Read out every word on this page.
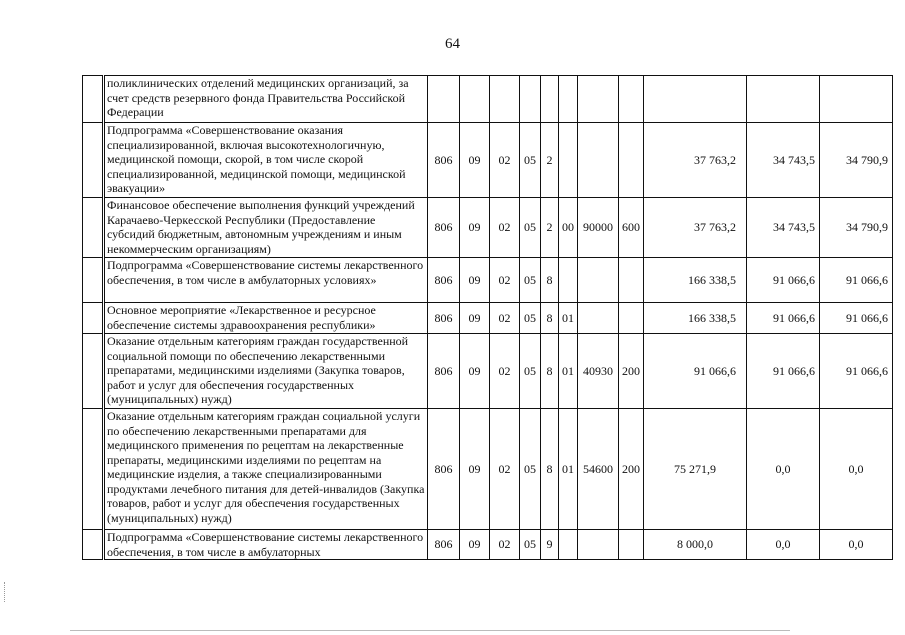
64
	поликлинических отделений медицинских организаций, за счет средств резервного фонда Правительства Российской Федерации											
	Подпрограмма «Совершенствование оказания специализированной, включая высокотехнологичную, медицинской помощи, скорой, в том числе скорой специализированной, медицинской помощи, медицинской эвакуации»	806	09	02	05	2				37 763,2	34 743,5	34 790,9
	Финансовое обеспечение выполнения функций учреждений Карачаево-Черкесской Республики (Предоставление субсидий бюджетным, автономным учреждениям и иным некоммерческим организациям)	806	09	02	05	2	00	90000	600	37 763,2	34 743,5	34 790,9
	Подпрограмма «Совершенствование системы лекарственного обеспечения, в том числе в амбулаторных условиях»	806	09	02	05	8				166 338,5	91 066,6	91 066,6
	Основное мероприятие «Лекарственное и ресурсное обеспечение системы здравоохранения республики»	806	09	02	05	8	01			166 338,5	91 066,6	91 066,6
	Оказание отдельным категориям граждан государственной социальной помощи по обеспечению лекарственными препаратами, медицинскими изделиями (Закупка товаров, работ и услуг для обеспечения государственных (муниципальных) нужд)	806	09	02	05	8	01	40930	200	91 066,6	91 066,6	91 066,6
	Оказание отдельным категориям граждан социальной услуги по обеспечению лекарственными препаратами для медицинского применения по рецептам на лекарственные препараты, медицинскими изделиями по рецептам на медицинские изделия, а также специализированными продуктами лечебного питания для детей-инвалидов (Закупка товаров, работ и услуг для обеспечения государственных (муниципальных) нужд)	806	09	02	05	8	01	54600	200	75 271,9	0,0	0,0
	Подпрограмма «Совершенствование системы лекарственного обеспечения, в том числе в амбулаторных	806	09	02	05	9				8 000,0	0,0	0,0
